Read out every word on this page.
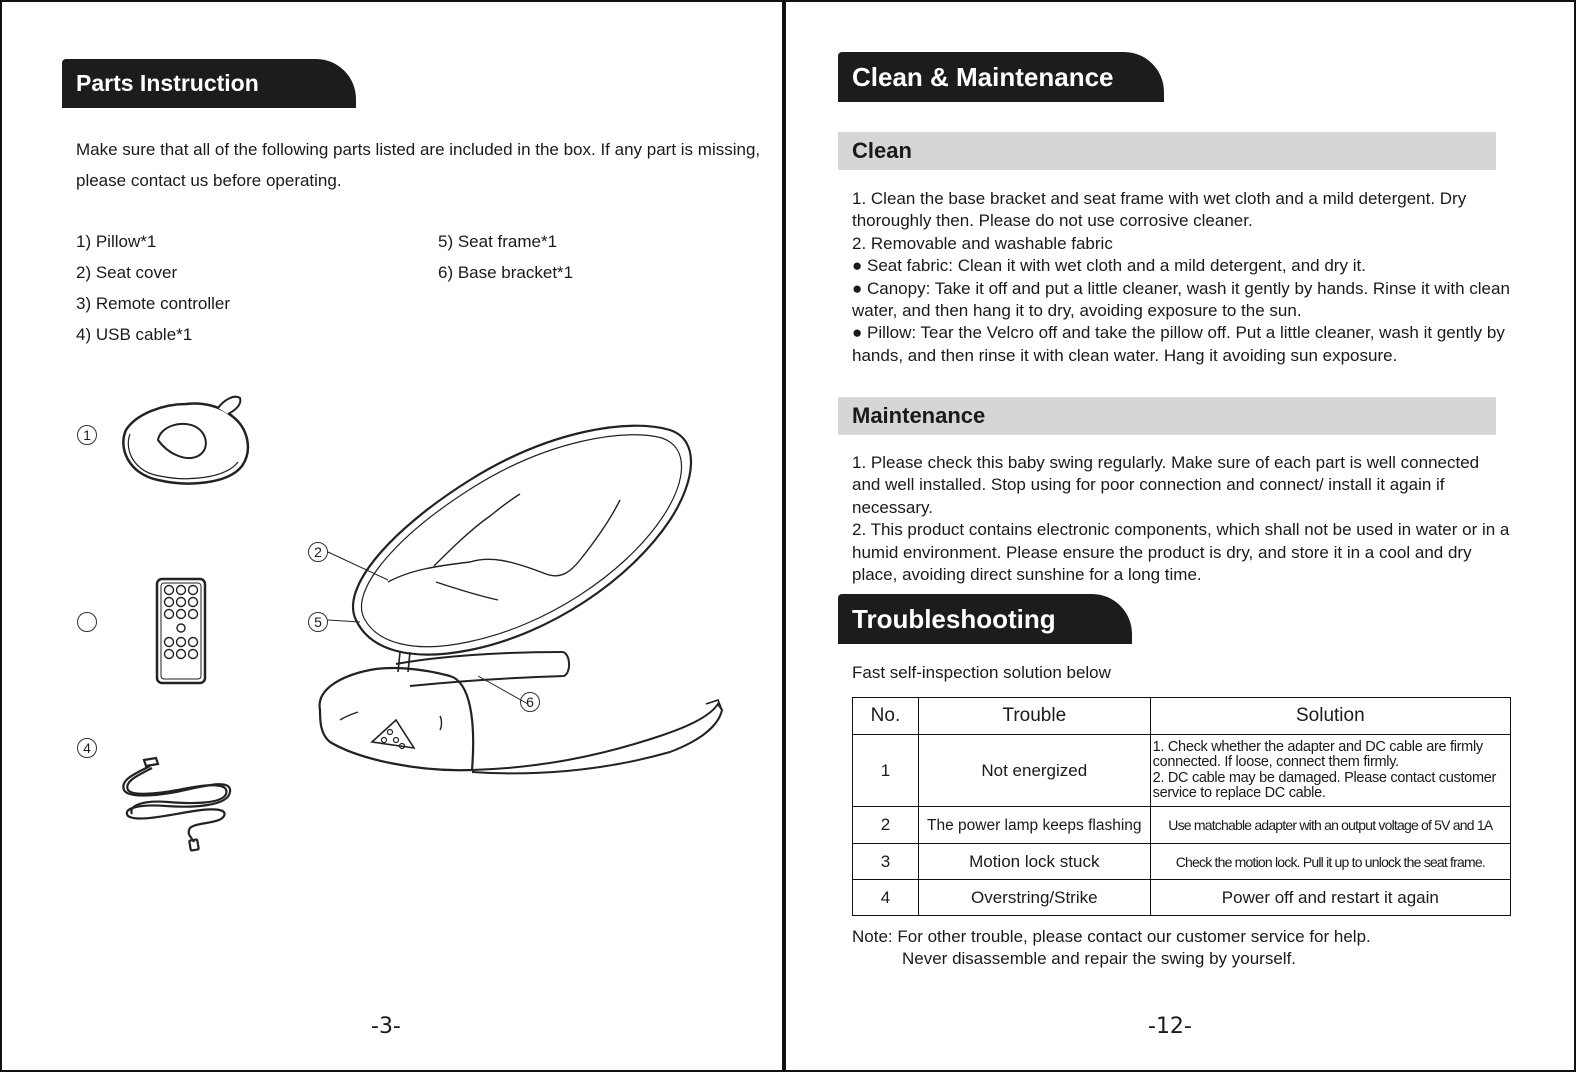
Parts Instruction

Make sure that all of the following parts listed are included in the box. If any part is missing, please contact us before operating.

1) Pillow*1
2) Seat cover
3) Remote controller
4) USB cable*1
5) Seat frame*1
6) Base bracket*1
1
4
2
5
6
-3-
Clean & Maintenance
Clean

1. Clean the base bracket and seat frame with wet cloth and a mild detergent. Dry thoroughly then. Please do not use corrosive cleaner.

2. Removable and washable fabric

● Seat fabric: Clean it with wet cloth and a mild detergent, and dry it.

● Canopy: Take it off and put a little cleaner, wash it gently by hands. Rinse it with clean water, and then hang it to dry, avoiding exposure to the sun.

● Pillow: Tear the Velcro off and take the pillow off. Put a little cleaner, wash it gently by hands, and then rinse it with clean water. Hang it avoiding sun exposure.

Maintenance

1. Please check this baby swing regularly. Make sure of each part is well connected and well installed. Stop using for poor connection and connect/ install it again if necessary.

2. This product contains electronic components, which shall not be used in water or in a humid environment. Please ensure the product is dry, and store it in a cool and dry place, avoiding direct sunshine for a long time.

Troubleshooting
Fast self-inspection solution below
No.	Trouble	Solution
1	Not energized	1. Check whether the adapter and DC cable are firmly connected. If loose, connect them firmly.
2. DC cable may be damaged. Please contact customer service to replace DC cable.

2	The power lamp keeps flashing	Use matchable adapter with an output voltage of 5V and 1A
3	Motion lock stuck	Check the motion lock. Pull it up to unlock the seat frame.
4	Overstring/Strike	Power off and restart it again
Note: For other trouble, please contact our customer service for help.
Never disassemble and repair the swing by yourself.
-12-
